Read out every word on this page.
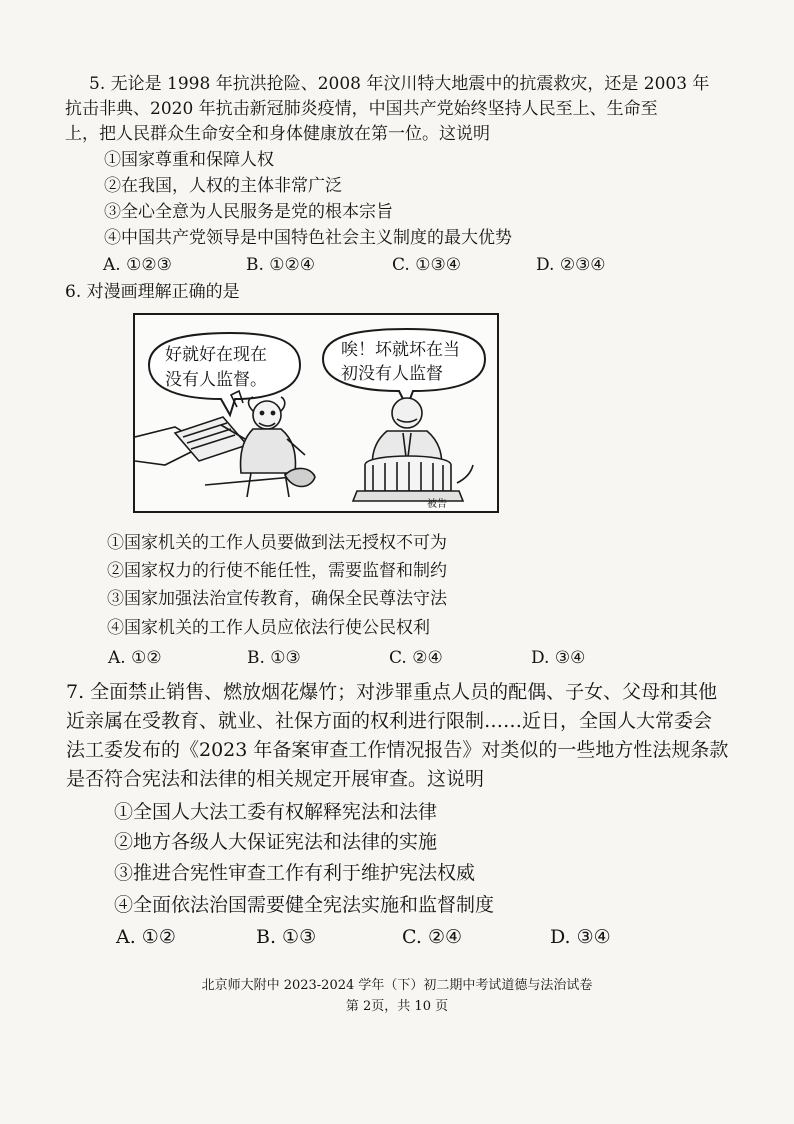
5. 无论是 1998 年抗洪抢险、2008 年汶川特大地震中的抗震救灾，还是 2003 年
抗击非典、2020 年抗击新冠肺炎疫情，中国共产党始终坚持人民至上、生命至
上，把人民群众生命安全和身体健康放在第一位。这说明
①国家尊重和保障人权
②在我国，人权的主体非常广泛
③全心全意为人民服务是党的根本宗旨
④中国共产党领导是中国特色社会主义制度的最大优势
A. ①②③	B. ①②④	C. ①③④	D. ②③④
6. 对漫画理解正确的是
好就好在现在
没有人监督。
唉！坏就坏在当
初没有人监督
被告
①国家机关的工作人员要做到法无授权不可为
②国家权力的行使不能任性，需要监督和制约
③国家加强法治宣传教育，确保全民尊法守法
④国家机关的工作人员应依法行使公民权利
A. ①②	B. ①③	C. ②④	D. ③④
7. 全面禁止销售、燃放烟花爆竹；对涉罪重点人员的配偶、子女、父母和其他
近亲属在受教育、就业、社保方面的权利进行限制……近日，全国人大常委会
法工委发布的《2023 年备案审查工作情况报告》对类似的一些地方性法规条款
是否符合宪法和法律的相关规定开展审查。这说明
①全国人大法工委有权解释宪法和法律
②地方各级人大保证宪法和法律的实施
③推进合宪性审查工作有利于维护宪法权威
④全面依法治国需要健全宪法实施和监督制度
A. ①②	B. ①③	C. ②④	D. ③④
北京师大附中 2023-2024 学年（下）初二期中考试道德与法治试卷
第 2页，共 10 页
